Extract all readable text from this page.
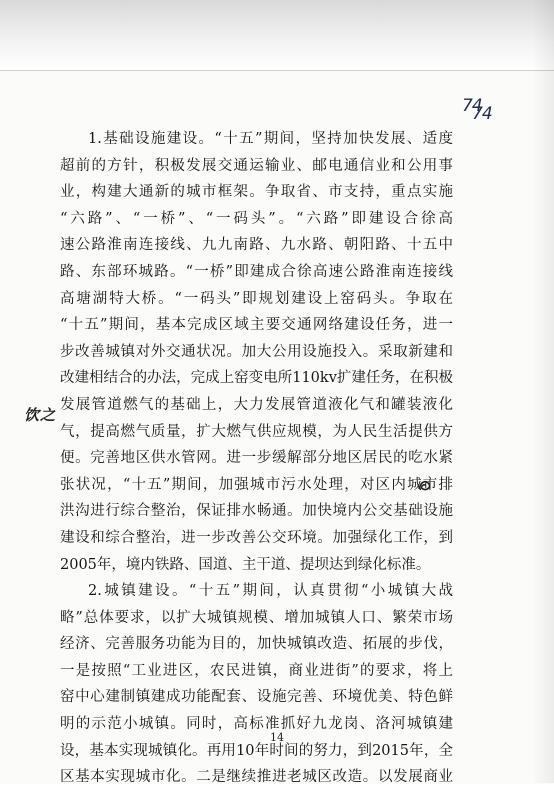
74
74
1.基础设施建设。“十五”期间，坚持加快发展、适度
超前的方针，积极发展交通运输业、邮电通信业和公用事
业，构建大通新的城市框架。争取省、市支持，重点实施
“六路”、“一桥”、“一码头”。“六路”即建设合徐高
速公路淮南连接线、九九南路、九水路、朝阳路、十五中
路、东部环城路。“一桥”即建成合徐高速公路淮南连接线
高塘湖特大桥。“一码头”即规划建设上窑码头。争取在
“十五”期间，基本完成区域主要交通网络建设任务，进一
步改善城镇对外交通状况。加大公用设施投入。采取新建和
改建相结合的办法，完成上窑变电所110kv扩建任务，在积极
发展管道燃气的基础上，大力发展管道液化气和罐装液化
气，提高燃气质量，扩大燃气供应规模，为人民生活提供方
便。完善地区供水管网。进一步缓解部分地区居民的吃水紧
张状况，“十五”期间，加强城市污水处理，对区内城市排
洪沟进行综合整治，保证排水畅通。加快境内公交基础设施
建设和综合整治，进一步改善公交环境。加强绿化工作，到
2005年，境内铁路、国道、主干道、提坝达到绿化标准。
2.城镇建设。“十五”期间，认真贯彻“小城镇大战
略”总体要求，以扩大城镇规模、增加城镇人口、繁荣市场
经济、完善服务功能为目的，加快城镇改造、拓展的步伐，
一是按照“工业进区，农民进镇，商业进街”的要求，将上
窑中心建制镇建成功能配套、设施完善、环境优美、特色鲜
明的示范小城镇。同时，高标准抓好九龙岗、洛河城镇建
设，基本实现城镇化。再用10年时间的努力，到2015年，全
区基本实现城市化。二是继续推进老城区改造。以发展商业
饮之
14
